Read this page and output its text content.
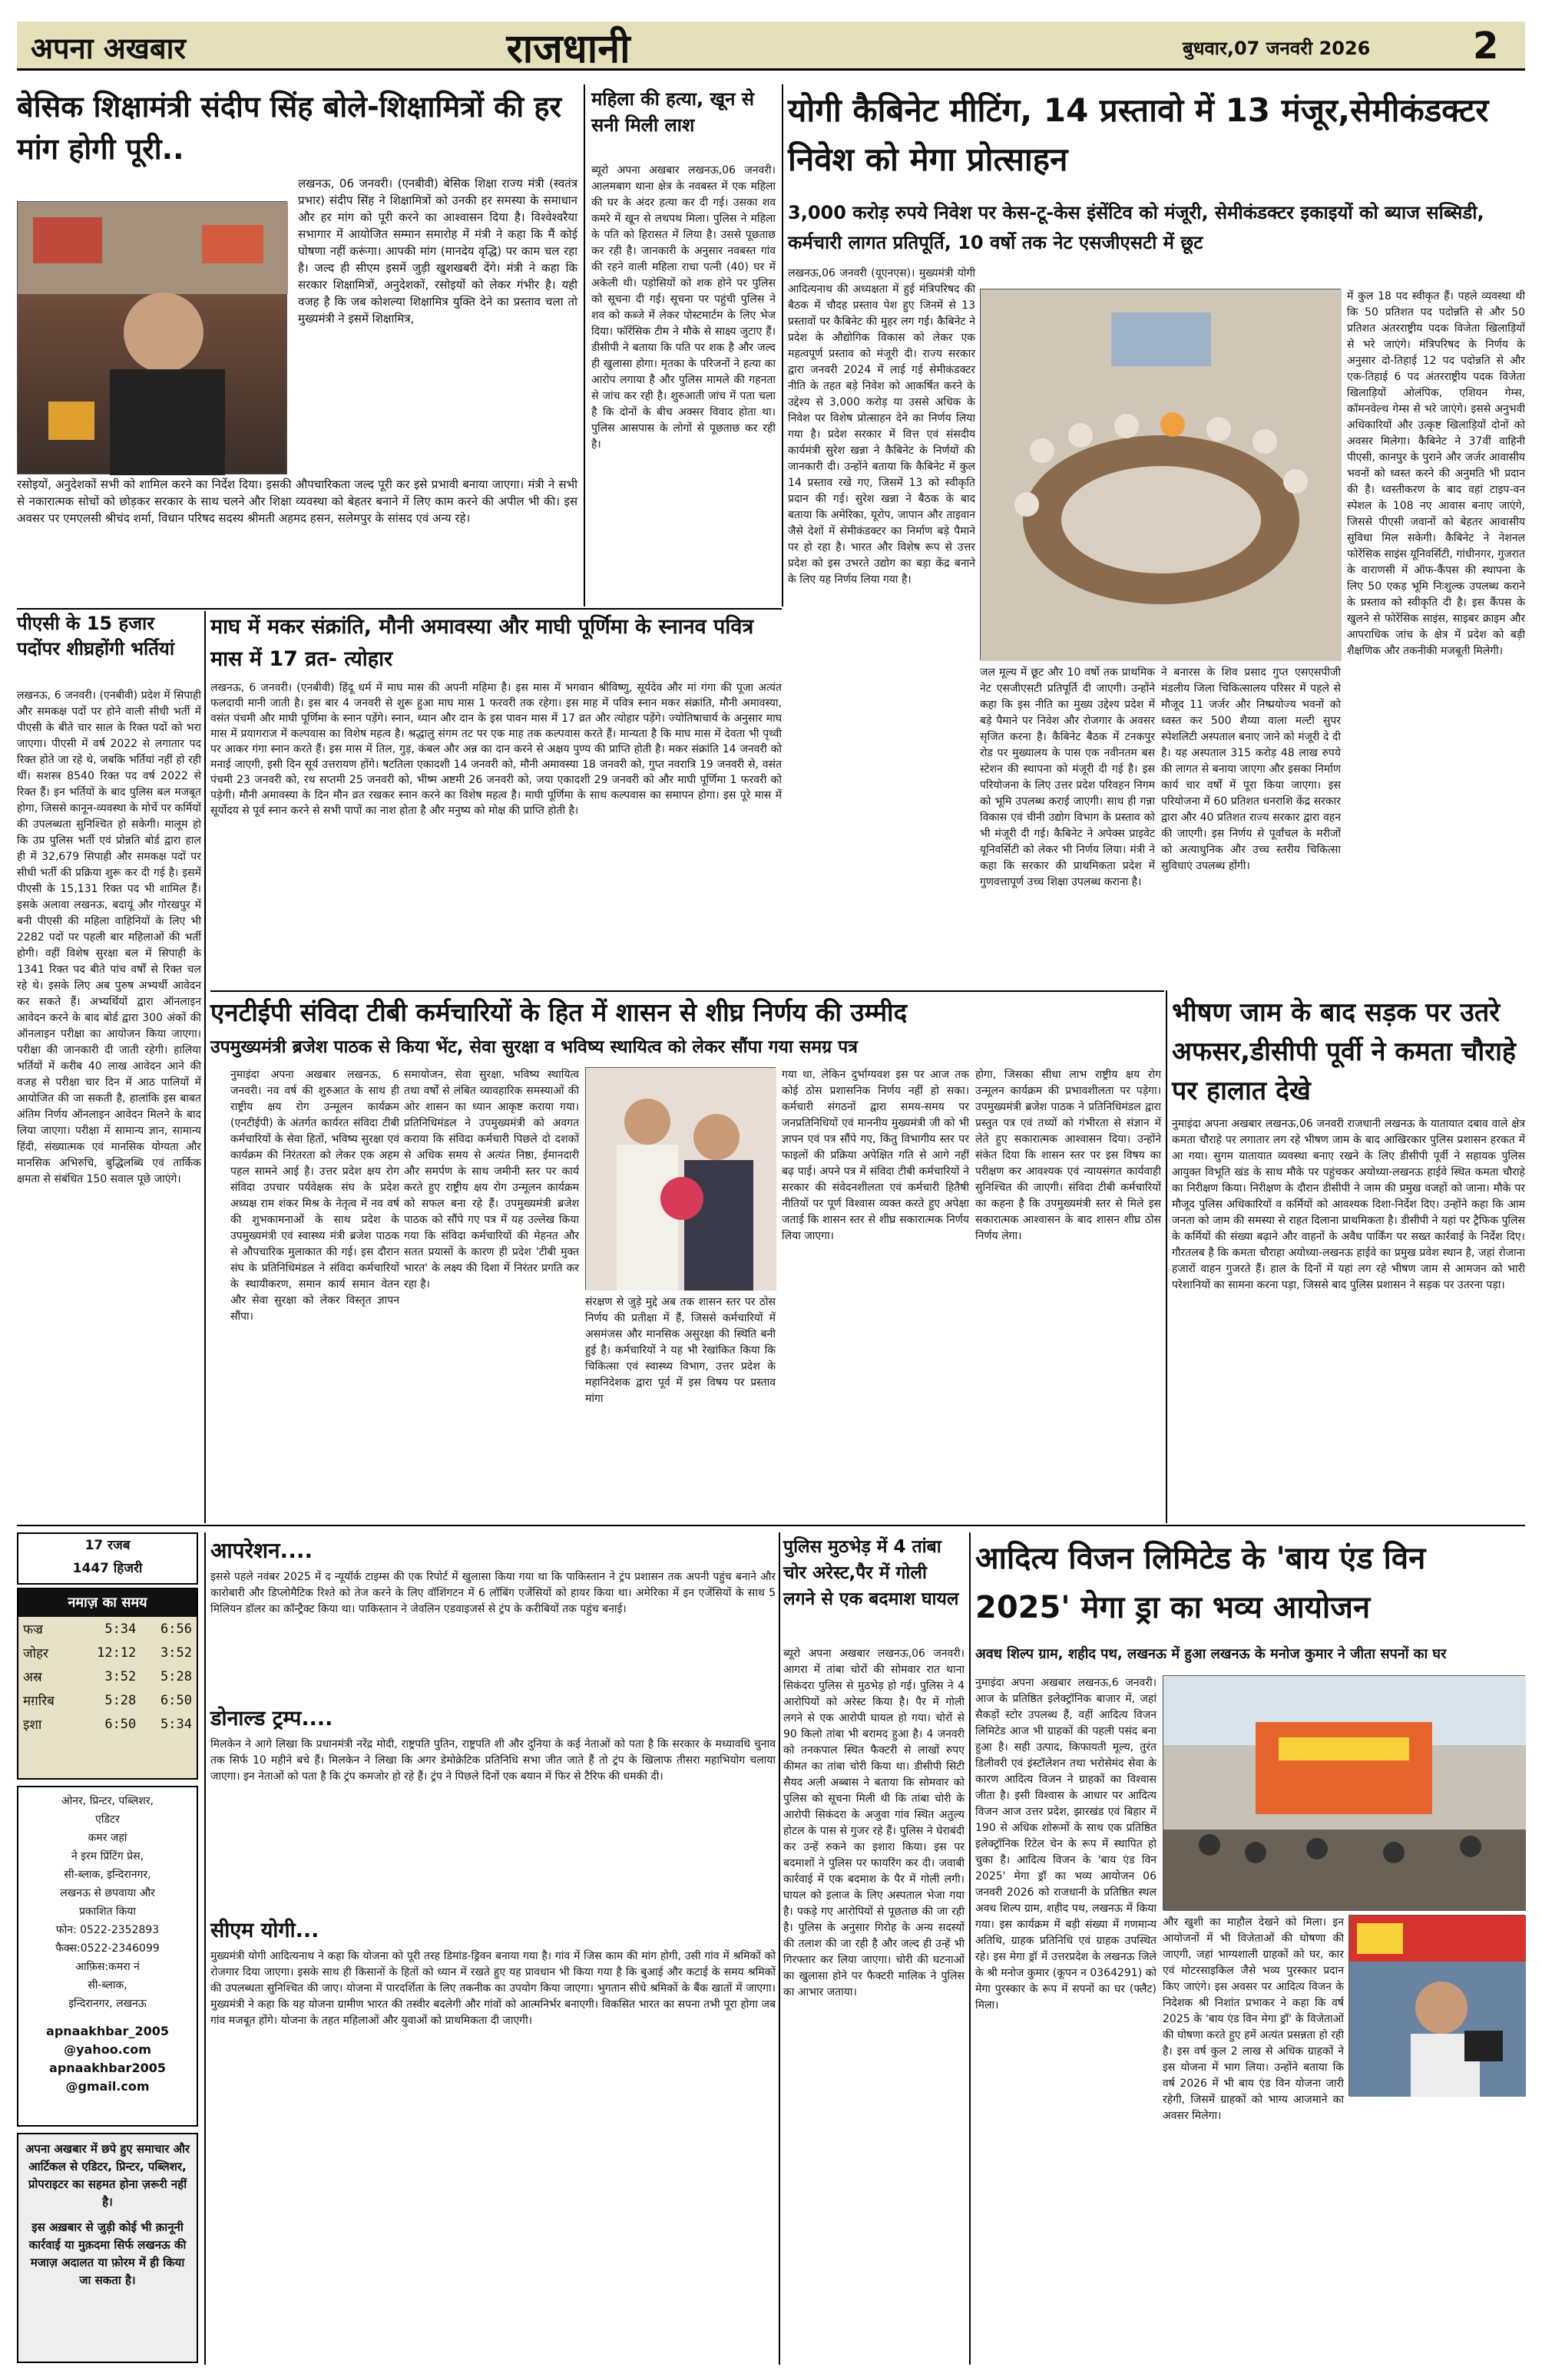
अपना अखबार	राजधानी	बुधवार,07 जनवरी 2026	2
बेसिक शिक्षामंत्री संदीप सिंह बोले-शिक्षामित्रों की हर मांग होगी पूरी..
लखनऊ, 06 जनवरी। (एनबीवी) बेसिक शिक्षा राज्य मंत्री (स्वतंत्र प्रभार) संदीप सिंह ने शिक्षामित्रों को उनकी हर समस्या के समाधान और हर मांग को पूरी करने का आश्वासन दिया है। विश्वेश्वरैया सभागार में आयोजित सम्मान समारोह में मंत्री ने कहा कि मैं कोई घोषणा नहीं करूंगा। आपकी मांग (मानदेय वृद्धि) पर काम चल रहा है। जल्द ही सीएम इसमें जुड़ी खुशखबरी देंगे। मंत्री ने कहा कि सरकार शिक्षामित्रों, अनुदेशकों, रसोइयों को लेकर गंभीर है। यही वजह है कि जब कोशल्या शिक्षामित्र युक्ति देने का प्रस्ताव चला तो मुख्यमंत्री ने इसमें शिक्षामित्र,
रसोइयों, अनुदेशकों सभी को शामिल करने का निर्देश दिया। इसकी औपचारिकता जल्द पूरी कर इसे प्रभावी बनाया जाएगा। मंत्री ने सभी से नकारात्मक सोचों को छोड़कर सरकार के साथ चलने और शिक्षा व्यवस्था को बेहतर बनाने में लिए काम करने की अपील भी की। इस अवसर पर एमएलसी श्रीचंद शर्मा, विधान परिषद सदस्य श्रीमती अहमद हसन, सलेमपुर के सांसद एवं अन्य रहे।
महिला की हत्या, खून से सनी मिली लाश
ब्यूरो अपना अखबार लखनऊ,06 जनवरी। आलमबाग थाना क्षेत्र के नवबस्त में एक महिला की घर के अंदर हत्या कर दी गई। उसका शव कमरे में खून से लथपथ मिला। पुलिस ने महिला के पति को हिरासत में लिया है। उससे पूछताछ कर रही है। जानकारी के अनुसार नवबस्त गांव की रहने वाली महिला राधा पत्नी (40) घर में अकेली थी। पड़ोसियों को शक होने पर पुलिस को सूचना दी गई। सूचना पर पहुंची पुलिस ने शव को कब्जे में लेकर पोस्टमार्टम के लिए भेज दिया। फॉरेंसिक टीम ने मौके से साक्ष्य जुटाए हैं। डीसीपी ने बताया कि पति पर शक है और जल्द ही खुलासा होगा। मृतका के परिजनों ने हत्या का आरोप लगाया है और पुलिस मामले की गहनता से जांच कर रही है। शुरुआती जांच में पता चला है कि दोनों के बीच अक्सर विवाद होता था। पुलिस आसपास के लोगों से पूछताछ कर रही है।
योगी कैबिनेट मीटिंग, 14 प्रस्तावो में 13 मंजूर,सेमीकंडक्टर निवेश को मेगा प्रोत्साहन
3,000 करोड़ रुपये निवेश पर केस-टू-केस इंसेंटिव को मंजूरी, सेमीकंडक्टर इकाइयों को ब्याज सब्सिडी, कर्मचारी लागत प्रतिपूर्ति, 10 वर्षो तक नेट एसजीएसटी में छूट
लखनऊ,06 जनवरी (यूएनएस)। मुख्यमंत्री योगी आदित्यनाथ की अध्यक्षता में हुई मंत्रिपरिषद की बैठक में चौदह प्रस्ताव पेश हुए जिनमें से 13 प्रस्तावों पर कैबिनेट की मुहर लग गई। कैबिनेट ने प्रदेश के औद्योगिक विकास को लेकर एक महत्वपूर्ण प्रस्ताव को मंजूरी दी। राज्य सरकार द्वारा जनवरी 2024 में लाई गई सेमीकंडक्टर नीति के तहत बड़े निवेश को आकर्षित करने के उद्देश्य से 3,000 करोड़ या उससे अधिक के निवेश पर विशेष प्रोत्साहन देने का निर्णय लिया गया है। प्रदेश सरकार में वित्त एवं संसदीय कार्यमंत्री सुरेश खन्ना ने कैबिनेट के निर्णयों की जानकारी दी। उन्होंने बताया कि कैबिनेट में कुल 14 प्रस्ताव रखे गए, जिसमें 13 को स्वीकृति प्रदान की गई। सुरेश खन्ना ने बैठक के बाद बताया कि अमेरिका, यूरोप, जापान और ताइवान जैसे देशों में सेमीकंडक्टर का निर्माण बड़े पैमाने पर हो रहा है। भारत और विशेष रूप से उत्तर प्रदेश को इस उभरते उद्योग का बड़ा केंद्र बनाने के लिए यह निर्णय लिया गया है।
जल मूल्य में छूट और 10 वर्षो तक प्राथमिक नेट एसजीएसटी प्रतिपूर्ति दी जाएगी। उन्होंने कहा कि इस नीति का मुख्य उद्देश्य प्रदेश में बड़े पैमाने पर निवेश और रोजगार के अवसर सृजित करना है। कैबिनेट बैठक में टनकपुर रोड पर मुख्यालय के पास एक नवीनतम बस स्टेशन की स्थापना को मंजूरी दी गई है। इस परियोजना के लिए उत्तर प्रदेश परिवहन निगम को भूमि उपलब्ध कराई जाएगी। साथ ही गन्ना विकास एवं चीनी उद्योग विभाग के प्रस्ताव को भी मंजूरी दी गई। कैबिनेट ने अपेक्स प्राइवेट यूनिवर्सिटी को लेकर भी निर्णय लिया। मंत्री ने कहा कि सरकार की प्राथमिकता प्रदेश में गुणवत्तापूर्ण उच्च शिक्षा उपलब्ध कराना है।
ने बनारस के शिव प्रसाद गुप्त एसएसपीजी मंडलीय जिला चिकित्सालय परिसर में पहले से मौजूद 11 जर्जर और निष्प्रयोज्य भवनों को ध्वस्त कर 500 शैय्या वाला मल्टी सुपर स्पेशलिटी अस्पताल बनाए जाने को मंजूरी दे दी है। यह अस्पताल 315 करोड़ 48 लाख रुपये की लागत से बनाया जाएगा और इसका निर्माण कार्य चार वर्षों में पूरा किया जाएगा। इस परियोजना में 60 प्रतिशत धनराशि केंद्र सरकार द्वारा और 40 प्रतिशत राज्य सरकार द्वारा वहन की जाएगी। इस निर्णय से पूर्वांचल के मरीजों को अत्याधुनिक और उच्च स्तरीय चिकित्सा सुविधाएं उपलब्ध होंगी।
में कुल 18 पद स्वीकृत हैं। पहले व्यवस्था थी कि 50 प्रतिशत पद पदोन्नति से और 50 प्रतिशत अंतरराष्ट्रीय पदक विजेता खिलाड़ियों से भरे जाएंगे। मंत्रिपरिषद के निर्णय के अनुसार दो-तिहाई 12 पद पदोन्नति से और एक-तिहाई 6 पद अंतरराष्ट्रीय पदक विजेता खिलाड़ियों ओलंपिक, एशियन गेम्स, कॉमनवेल्थ गेम्स से भरे जाएंगे। इससे अनुभवी अधिकारियों और उत्कृष्ट खिलाड़ियों दोनों को अवसर मिलेगा। कैबिनेट ने 37वीं वाहिनी पीएसी, कानपुर के पुराने और जर्जर आवासीय भवनों को ध्वस्त करने की अनुमति भी प्रदान की है। ध्वस्तीकरण के बाद वहां टाइप-वन स्पेशल के 108 नए आवास बनाए जाएंगे, जिससे पीएसी जवानों को बेहतर आवासीय सुविधा मिल सकेगी। कैबिनेट ने नेशनल फोरेंसिक साइंस यूनिवर्सिटी, गांधीनगर, गुजरात के वाराणसी में ऑफ-कैंपस की स्थापना के लिए 50 एकड़ भूमि निःशुल्क उपलब्ध कराने के प्रस्ताव को स्वीकृति दी है। इस कैंपस के खुलने से फोरेंसिक साइंस, साइबर क्राइम और आपराधिक जांच के क्षेत्र में प्रदेश को बड़ी शैक्षणिक और तकनीकी मजबूती मिलेगी।
पीएसी के 15 हजार पदोंपर शीघ्रहोंगी भर्तियां
लखनऊ, 6 जनवरी। (एनबीवी) प्रदेश में सिपाही और समकक्ष पदों पर होने वाली सीधी भर्ती में पीएसी के बीते चार साल के रिक्त पदों को भरा जाएगा। पीएसी में वर्ष 2022 से लगातार पद रिक्त होते जा रहे थे, जबकि भर्तियां नहीं हो रही थीं। सशस्त्र 8540 रिक्त पद वर्ष 2022 से रिक्त हैं। इन भर्तियों के बाद पुलिस बल मजबूत होगा, जिससे कानून-व्यवस्था के मोर्चे पर कर्मियों की उपलब्धता सुनिश्चित हो सकेगी। मालूम हो कि उप्र पुलिस भर्ती एवं प्रोन्नति बोर्ड द्वारा हाल ही में 32,679 सिपाही और समकक्ष पदों पर सीधी भर्ती की प्रक्रिया शुरू कर दी गई है। इसमें पीएसी के 15,131 रिक्त पद भी शामिल हैं। इसके अलावा लखनऊ, बदायूं और गोरखपुर में बनी पीएसी की महिला वाहिनियों के लिए भी 2282 पदों पर पहली बार महिलाओं की भर्ती होगी। वहीं विशेष सुरक्षा बल में सिपाही के 1341 रिक्त पद बीते पांच वर्षों से रिक्त चल रहे थे। इसके लिए अब पुरुष अभ्यर्थी आवेदन कर सकते हैं। अभ्यर्थियों द्वारा ऑनलाइन आवेदन करने के बाद बोर्ड द्वारा 300 अंकों की ऑनलाइन परीक्षा का आयोजन किया जाएगा। परीक्षा की जानकारी दी जाती रहेगी। हालिया भर्तियों में करीब 40 लाख आवेदन आने की वजह से परीक्षा चार दिन में आठ पालियों में आयोजित की जा सकती है, हालांकि इस बाबत अंतिम निर्णय ऑनलाइन आवेदन मिलने के बाद लिया जाएगा। परीक्षा में सामान्य ज्ञान, सामान्य हिंदी, संख्यात्मक एवं मानसिक योग्यता और मानसिक अभिरुचि, बुद्धिलब्धि एवं तार्किक क्षमता से संबंधित 150 सवाल पूछे जाएंगे।
माघ में मकर संक्रांति, मौनी अमावस्या और माघी पूर्णिमा के स्नानव पवित्र मास में 17 व्रत- त्योहार
लखनऊ, 6 जनवरी। (एनबीवी) हिंदू धर्म में माघ मास की अपनी महिमा है। इस मास में भगवान श्रीविष्णु, सूर्यदेव और मां गंगा की पूजा अत्यंत फलदायी मानी जाती है। इस बार 4 जनवरी से शुरू हुआ माघ मास 1 फरवरी तक रहेगा। इस माह में पवित्र स्नान मकर संक्रांति, मौनी अमावस्या, वसंत पंचमी और माघी पूर्णिमा के स्नान पड़ेंगे। स्नान, ध्यान और दान के इस पावन मास में 17 व्रत और त्योहार पड़ेंगे। ज्योतिषाचार्य के अनुसार माघ मास में प्रयागराज में कल्पवास का विशेष महत्व है। श्रद्धालु संगम तट पर एक माह तक कल्पवास करते हैं। मान्यता है कि माघ मास में देवता भी पृथ्वी पर आकर गंगा स्नान करते हैं। इस मास में तिल, गुड़, कंबल और अन्न का दान करने से अक्षय पुण्य की प्राप्ति होती है। मकर संक्रांति 14 जनवरी को मनाई जाएगी, इसी दिन सूर्य उत्तरायण होंगे। षटतिला एकादशी 14 जनवरी को, मौनी अमावस्या 18 जनवरी को, गुप्त नवरात्रि 19 जनवरी से, वसंत पंचमी 23 जनवरी को, रथ सप्तमी 25 जनवरी को, भीष्म अष्टमी 26 जनवरी को, जया एकादशी 29 जनवरी को और माघी पूर्णिमा 1 फरवरी को पड़ेगी। मौनी अमावस्या के दिन मौन व्रत रखकर स्नान करने का विशेष महत्व है। माघी पूर्णिमा के साथ कल्पवास का समापन होगा। इस पूरे मास में सूर्योदय से पूर्व स्नान करने से सभी पापों का नाश होता है और मनुष्य को मोक्ष की प्राप्ति होती है।
एनटीईपी संविदा टीबी कर्मचारियों के हित में शासन से शीघ्र निर्णय की उम्मीद
उपमुख्यमंत्री ब्रजेश पाठक से किया भेंट, सेवा सुरक्षा व भविष्य स्थायित्व को लेकर सौंपा गया समग्र पत्र
नुमाइंदा अपना अखबार लखनऊ, 6 जनवरी। नव वर्ष की शुरुआत के साथ ही राष्ट्रीय क्षय रोग उन्मूलन कार्यक्रम (एनटीईपी) के अंतर्गत कार्यरत संविदा टीबी कर्मचारियों के सेवा हितों, भविष्य सुरक्षा एवं कार्यक्रम की निरंतरता को लेकर एक अहम पहल सामने आई है। उत्तर प्रदेश क्षय रोग संविदा उपचार पर्यवेक्षक संघ के प्रदेश अध्यक्ष राम शंकर मिश्र के नेतृत्व में नव वर्ष की शुभकामनाओं के साथ प्रदेश के उपमुख्यमंत्री एवं स्वास्थ्य मंत्री ब्रजेश पाठक से औपचारिक मुलाकात की गई। इस दौरान संघ के प्रतिनिधिमंडल ने संविदा कर्मचारियों के स्थायीकरण, समान कार्य समान वेतन और सेवा सुरक्षा को लेकर विस्तृत ज्ञापन सौंपा।
समायोजन, सेवा सुरक्षा, भविष्य स्थायित्व तथा वर्षों से लंबित व्यावहारिक समस्याओं की ओर शासन का ध्यान आकृष्ट कराया गया। प्रतिनिधिमंडल ने उपमुख्यमंत्री को अवगत कराया कि संविदा कर्मचारी पिछले दो दशकों से अधिक समय से अत्यंत निष्ठा, ईमानदारी और समर्पण के साथ जमीनी स्तर पर कार्य करते हुए राष्ट्रीय क्षय रोग उन्मूलन कार्यक्रम को सफल बना रहे हैं। उपमुख्यमंत्री ब्रजेश पाठक को सौंपे गए पत्र में यह उल्लेख किया गया कि संविदा कर्मचारियों की मेहनत और सतत प्रयासों के कारण ही प्रदेश 'टीबी मुक्त भारत' के लक्ष्य की दिशा में निरंतर प्रगति कर रहा है।
संरक्षण से जुड़े मुद्दे अब तक शासन स्तर पर ठोस निर्णय की प्रतीक्षा में हैं, जिससे कर्मचारियों में असमंजस और मानसिक असुरक्षा की स्थिति बनी हुई है। कर्मचारियों ने यह भी रेखांकित किया कि चिकित्सा एवं स्वास्थ्य विभाग, उत्तर प्रदेश के महानिदेशक द्वारा पूर्व में इस विषय पर प्रस्ताव मांगा
गया था, लेकिन दुर्भाग्यवश इस पर आज तक कोई ठोस प्रशासनिक निर्णय नहीं हो सका। कर्मचारी संगठनों द्वारा समय-समय पर जनप्रतिनिधियों एवं माननीय मुख्यमंत्री जी को भी ज्ञापन एवं पत्र सौंपे गए, किंतु विभागीय स्तर पर फाइलों की प्रक्रिया अपेक्षित गति से आगे नहीं बढ़ पाई। अपने पत्र में संविदा टीबी कर्मचारियों ने सरकार की संवेदनशीलता एवं कर्मचारी हितैषी नीतियों पर पूर्ण विश्वास व्यक्त करते हुए अपेक्षा जताई कि शासन स्तर से शीघ्र सकारात्मक निर्णय लिया जाएगा।
होगा, जिसका सीधा लाभ राष्ट्रीय क्षय रोग उन्मूलन कार्यक्रम की प्रभावशीलता पर पड़ेगा। उपमुख्यमंत्री ब्रजेश पाठक ने प्रतिनिधिमंडल द्वारा प्रस्तुत पत्र एवं तथ्यों को गंभीरता से संज्ञान में लेते हुए सकारात्मक आश्वासन दिया। उन्होंने संकेत दिया कि शासन स्तर पर इस विषय का परीक्षण कर आवश्यक एवं न्यायसंगत कार्यवाही सुनिश्चित की जाएगी। संविदा टीबी कर्मचारियों का कहना है कि उपमुख्यमंत्री स्तर से मिले इस सकारात्मक आश्वासन के बाद शासन शीघ्र ठोस निर्णय लेगा।
भीषण जाम के बाद सड़क पर उतरे अफसर,डीसीपी पूर्वी ने कमता चौराहे पर हालात देखे
नुमाइंदा अपना अखबार लखनऊ,06 जनवरी राजधानी लखनऊ के यातायात दबाव वाले क्षेत्र कमता चौराहे पर लगातार लग रहे भीषण जाम के बाद आखिरकार पुलिस प्रशासन हरकत में आ गया। सुगम यातायात व्यवस्था बनाए रखने के लिए डीसीपी पूर्वी ने सहायक पुलिस आयुक्त विभूति खंड के साथ मौके पर पहुंचकर अयोध्या-लखनऊ हाईवे स्थित कमता चौराहे का निरीक्षण किया। निरीक्षण के दौरान डीसीपी ने जाम की प्रमुख वजहों को जाना। मौके पर मौजूद पुलिस अधिकारियों व कर्मियों को आवश्यक दिशा-निर्देश दिए। उन्होंने कहा कि आम जनता को जाम की समस्या से राहत दिलाना प्राथमिकता है। डीसीपी ने यहां पर ट्रैफिक पुलिस के कर्मियों की संख्या बढ़ाने और वाहनों के अवैध पार्किंग पर सख्त कार्रवाई के निर्देश दिए। गौरतलब है कि कमता चौराहा अयोध्या-लखनऊ हाईवे का प्रमुख प्रवेश स्थान है, जहां रोजाना हजारों वाहन गुजरते हैं। हाल के दिनों में यहां लग रहे भीषण जाम से आमजन को भारी परेशानियों का सामना करना पड़ा, जिससे बाद पुलिस प्रशासन ने सड़क पर उतरना पड़ा।
17 रजब
1447 हिजरी
नमाज़ का समय
फज्र	5:34	6:56
जोहर	12:12	3:52
अस्र	3:52	5:28
मग़रिब	5:28	6:50
इशा	6:50	5:34
ओनर, प्रिन्टर, पब्लिशर,
एडिटर
कमर जहां
ने इरम प्रिंटिंग प्रेस,
सी-ब्लाक, इन्दिरानगर,
लखनऊ से छपवाया और
प्रकाशित किया
फोन: 0522-2352893
फैक्स:0522-2346099
आफ़िस:कमरा नं
सी-ब्लाक,
इन्दिरानगर, लखनऊ
apnaakhbar_2005
@yahoo.com
apnaakhbar2005
@gmail.com
अपना अखबार में छपे हुए समाचार और आर्टिकल से एडिटर, प्रिन्टर, पब्लिशर, प्रोपराइटर का सहमत होना ज़रूरी नहीं है।
इस अख़बार से जुड़ी कोई भी क़ानूनी कार्रवाई या मुक़दमा सिर्फ लखनऊ की मजाज़ अदालत या फ़ोरम में ही किया जा सकता है।
आपरेशन....
इससे पहले नवंबर 2025 में द न्यूयॉर्क टाइम्स की एक रिपोर्ट में खुलासा किया गया था कि पाकिस्तान ने ट्रंप प्रशासन तक अपनी पहुंच बनाने और कारोबारी और डिप्लोमैटिक रिश्ते को तेज करने के लिए वॉशिंगटन में 6 लॉबिंग एजेंसियों को हायर किया था। अमेरिका में इन एजेंसियों के साथ 5 मिलियन डॉलर का कॉन्ट्रैक्ट किया था। पाकिस्तान ने जेवलिन एडवाइजर्स से ट्रंप के करीबियों तक पहुंच बनाई।
डोनाल्ड ट्रम्प....
मिलकेन ने आगे लिखा कि प्रधानमंत्री नरेंद्र मोदी, राष्ट्रपति पुतिन, राष्ट्रपति शी और दुनिया के कई नेताओं को पता है कि सरकार के मध्यावधि चुनाव तक सिर्फ 10 महीने बचे हैं। मिलकेन ने लिखा कि अगर डेमोक्रेटिक प्रतिनिधि सभा जीत जाते हैं तो ट्रंप के खिलाफ तीसरा महाभियोग चलाया जाएगा। इन नेताओं को पता है कि ट्रंप कमजोर हो रहे हैं। ट्रंप ने पिछले दिनों एक बयान में फिर से टैरिफ की धमकी दी।
सीएम योगी...
मुख्यमंत्री योगी आदित्यनाथ ने कहा कि योजना को पूरी तरह डिमांड-ड्रिवन बनाया गया है। गांव में जिस काम की मांग होगी, उसी गांव में श्रमिकों को रोजगार दिया जाएगा। इसके साथ ही किसानों के हितों को ध्यान में रखते हुए यह प्रावधान भी किया गया है कि बुआई और कटाई के समय श्रमिकों की उपलब्धता सुनिश्चित की जाए। योजना में पारदर्शिता के लिए तकनीक का उपयोग किया जाएगा। भुगतान सीधे श्रमिकों के बैंक खातों में जाएगा। मुख्यमंत्री ने कहा कि यह योजना ग्रामीण भारत की तस्वीर बदलेगी और गांवों को आत्मनिर्भर बनाएगी। विकसित भारत का सपना तभी पूरा होगा जब गांव मजबूत होंगे। योजना के तहत महिलाओं और युवाओं को प्राथमिकता दी जाएगी।
पुलिस मुठभेड़ में 4 तांबा चोर अरेस्ट,पैर में गोली लगने से एक बदमाश घायल
ब्यूरो अपना अखबार लखनऊ,06 जनवरी। आगरा में तांबा चोरों की सोमवार रात थाना सिकंदरा पुलिस से मुठभेड़ हो गई। पुलिस ने 4 आरोपियों को अरेस्ट किया है। पैर में गोली लगने से एक आरोपी घायल हो गया। चोरों से 90 किलो तांबा भी बरामद हुआ है। 4 जनवरी को तनकपाल स्थित फैक्टरी से लाखों रुपए कीमत का तांबा चोरी किया था। डीसीपी सिटी सैयद अली अब्बास ने बताया कि सोमवार को पुलिस को सूचना मिली थी कि तांबा चोरी के आरोपी सिकंदरा के अजुवा गांव स्थित अतुल्य होटल के पास से गुजर रहे हैं। पुलिस ने घेराबंदी कर उन्हें रुकने का इशारा किया। इस पर बदमाशों ने पुलिस पर फायरिंग कर दी। जवाबी कार्रवाई में एक बदमाश के पैर में गोली लगी। घायल को इलाज के लिए अस्पताल भेजा गया है। पकड़े गए आरोपियों से पूछताछ की जा रही है। पुलिस के अनुसार गिरोह के अन्य सदस्यों की तलाश की जा रही है और जल्द ही उन्हें भी गिरफ्तार कर लिया जाएगा। चोरी की घटनाओं का खुलासा होने पर फैक्टरी मालिक ने पुलिस का आभार जताया।
आदित्य विजन लिमिटेड के 'बाय एंड विन 2025' मेगा ड्रा का भव्य आयोजन
अवध शिल्प ग्राम, शहीद पथ, लखनऊ में हुआ लखनऊ के मनोज कुमार ने जीता सपनों का घर
नुमाइंदा अपना अखबार लखनऊ,6 जनवरी। आज के प्रतिष्ठित इलेक्ट्रॉनिक बाजार में, जहां सैकड़ों स्टोर उपलब्ध हैं, वहीं आदित्य विजन लिमिटेड आज भी ग्राहकों की पहली पसंद बना हुआ है। सही उत्पाद, किफायती मूल्य, तुरंत डिलीवरी एवं इंस्टॉलेशन तथा भरोसेमंद सेवा के कारण आदित्य विजन ने ग्राहकों का विश्वास जीता है। इसी विश्वास के आधार पर आदित्य विजन आज उत्तर प्रदेश, झारखंड एवं बिहार में 190 से अधिक शोरूमों के साथ एक प्रतिष्ठित इलेक्ट्रॉनिक रिटेल चेन के रूप में स्थापित हो चुका है। आदित्य विजन के 'बाय एंड विन 2025' मेगा ड्रॉ का भव्य आयोजन 06 जनवरी 2026 को राजधानी के प्रतिष्ठित स्थल अवध शिल्प ग्राम, शहीद पथ, लखनऊ में किया गया। इस कार्यक्रम में बड़ी संख्या में गणमान्य अतिथि, ग्राहक प्रतिनिधि एवं ग्राहक उपस्थित रहे। इस मेगा ड्रॉ में उत्तरप्रदेश के लखनऊ जिले के श्री मनोज कुमार (कूपन न 0364291) को मेगा पुरस्कार के रूप में सपनों का घर (फ्लैट) मिला।
और खुशी का माहौल देखने को मिला। इन आयोजनों में भी विजेताओं की घोषणा की जाएगी, जहां भाग्यशाली ग्राहकों को घर, कार एवं मोटरसाइकिल जैसे भव्य पुरस्कार प्रदान किए जाएंगे। इस अवसर पर आदित्य विजन के निदेशक श्री निशांत प्रभाकर ने कहा कि वर्ष 2025 के 'बाय एंड विन मेगा ड्रॉ' के विजेताओं की घोषणा करते हुए हमें अत्यंत प्रसन्नता हो रही है। इस वर्ष कुल 2 लाख से अधिक ग्राहकों ने इस योजना में भाग लिया। उन्होंने बताया कि वर्ष 2026 में भी बाय एंड विन योजना जारी रहेगी, जिसमें ग्राहकों को भाग्य आजमाने का अवसर मिलेगा।
